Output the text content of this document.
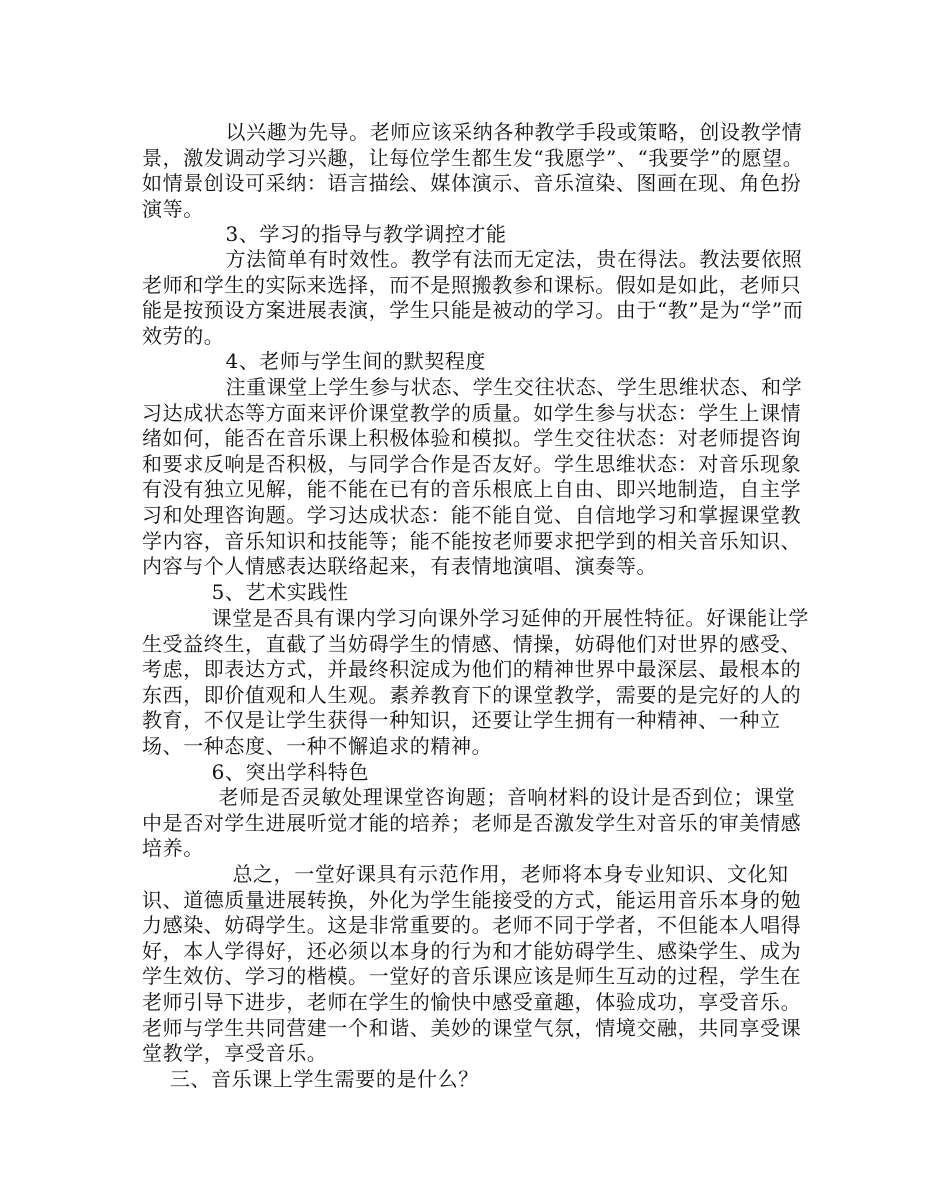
以兴趣为先导。老师应该采纳各种教学手段或策略，创设教学情景，激发调动学习兴趣，让每位学生都生发“我愿学”、“我要学”的愿望。如情景创设可采纳：语言描绘、媒体演示、音乐渲染、图画在现、角色扮演等。

3、学习的指导与教学调控才能

方法简单有时效性。教学有法而无定法，贵在得法。教法要依照老师和学生的实际来选择，而不是照搬教参和课标。假如是如此，老师只能是按预设方案进展表演，学生只能是被动的学习。由于“教”是为“学”而效劳的。

4、老师与学生间的默契程度

注重课堂上学生参与状态、学生交往状态、学生思维状态、和学习达成状态等方面来评价课堂教学的质量。如学生参与状态：学生上课情绪如何，能否在音乐课上积极体验和模拟。学生交往状态：对老师提咨询和要求反响是否积极，与同学合作是否友好。学生思维状态：对音乐现象有没有独立见解，能不能在已有的音乐根底上自由、即兴地制造，自主学习和处理咨询题。学习达成状态：能不能自觉、自信地学习和掌握课堂教学内容，音乐知识和技能等；能不能按老师要求把学到的相关音乐知识、内容与个人情感表达联络起来，有表情地演唱、演奏等。

5、艺术实践性

课堂是否具有课内学习向课外学习延伸的开展性特征。好课能让学生受益终生，直截了当妨碍学生的情感、情操，妨碍他们对世界的感受、考虑，即表达方式，并最终积淀成为他们的精神世界中最深层、最根本的东西，即价值观和人生观。素养教育下的课堂教学，需要的是完好的人的教育，不仅是让学生获得一种知识，还要让学生拥有一种精神、一种立场、一种态度、一种不懈追求的精神。

6、突出学科特色

老师是否灵敏处理课堂咨询题；音响材料的设计是否到位；课堂中是否对学生进展听觉才能的培养；老师是否激发学生对音乐的审美情感培养。

总之，一堂好课具有示范作用，老师将本身专业知识、文化知识、道德质量进展转换，外化为学生能接受的方式，能运用音乐本身的勉力感染、妨碍学生。这是非常重要的。老师不同于学者，不但能本人唱得好，本人学得好，还必须以本身的行为和才能妨碍学生、感染学生、成为学生效仿、学习的楷模。一堂好的音乐课应该是师生互动的过程，学生在老师引导下进步，老师在学生的愉快中感受童趣，体验成功，享受音乐。老师与学生共同营建一个和谐、美妙的课堂气氛，情境交融，共同享受课堂教学，享受音乐。

三、音乐课上学生需要的是什么？
